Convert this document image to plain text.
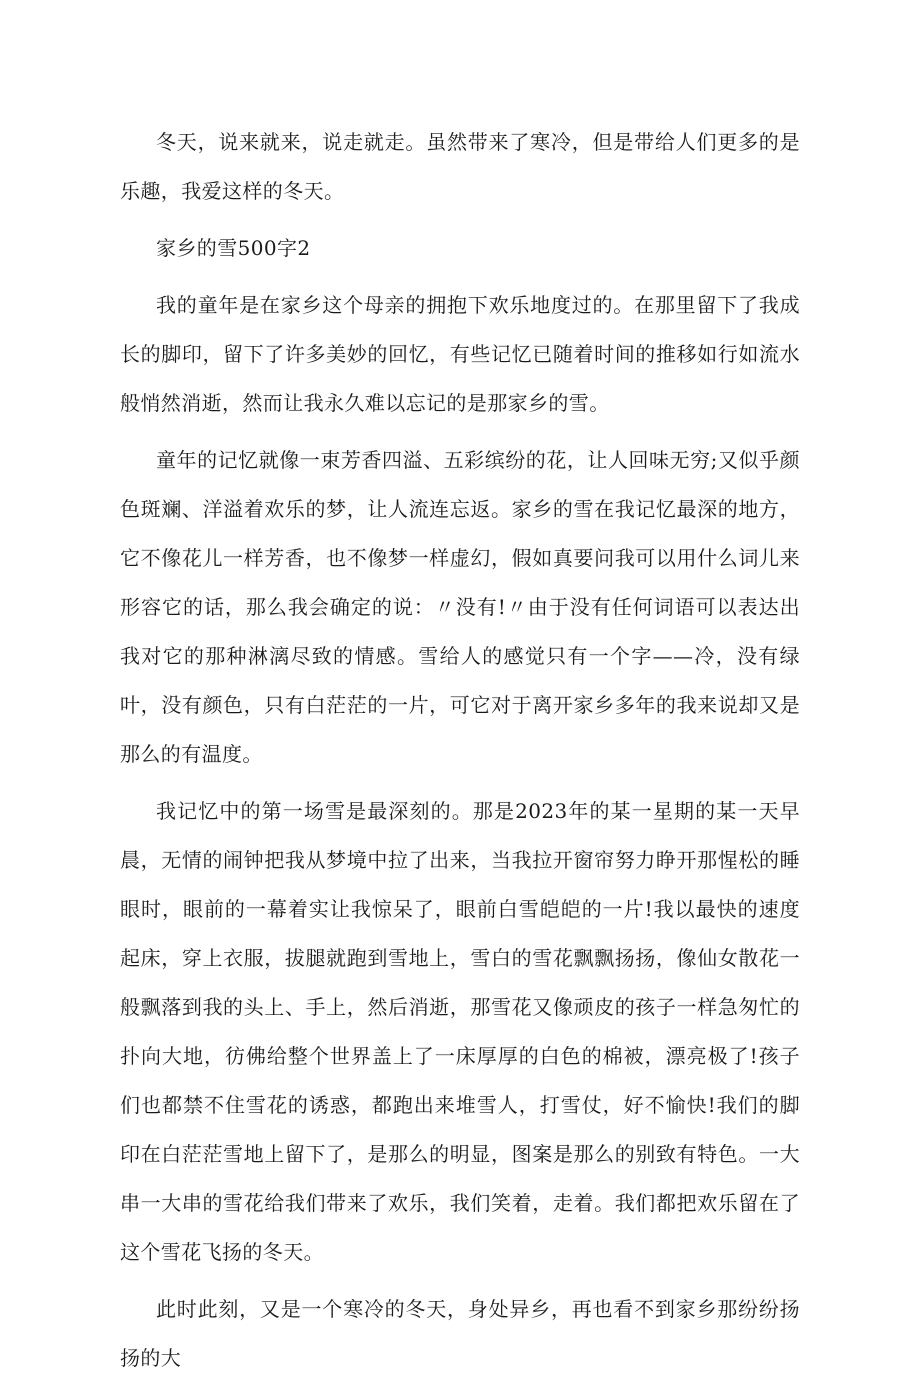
冬天，说来就来，说走就走。虽然带来了寒冷，但是带给人们更多的是乐趣，我爱这样的冬天。

家乡的雪500字2

我的童年是在家乡这个母亲的拥抱下欢乐地度过的。在那里留下了我成长的脚印，留下了许多美妙的回忆，有些记忆已随着时间的推移如行如流水般悄然消逝，然而让我永久难以忘记的是那家乡的雪。

童年的记忆就像一束芳香四溢、五彩缤纷的花，让人回味无穷;又似乎颜色斑斓、洋溢着欢乐的梦，让人流连忘返。家乡的雪在我记忆最深的地方，它不像花儿一样芳香，也不像梦一样虚幻，假如真要问我可以用什么词儿来形容它的话，那么我会确定的说：〃没有!〃由于没有任何词语可以表达出我对它的那种淋漓尽致的情感。雪给人的感觉只有一个字——冷，没有绿叶，没有颜色，只有白茫茫的一片，可它对于离开家乡多年的我来说却又是那么的有温度。

我记忆中的第一场雪是最深刻的。那是2023年的某一星期的某一天早晨，无情的闹钟把我从梦境中拉了出来，当我拉开窗帘努力睁开那惺松的睡眼时，眼前的一幕着实让我惊呆了，眼前白雪皑皑的一片!我以最快的速度起床，穿上衣服，拔腿就跑到雪地上，雪白的雪花飘飘扬扬，像仙女散花一般飘落到我的头上、手上，然后消逝，那雪花又像顽皮的孩子一样急匆忙的扑向大地，彷佛给整个世界盖上了一床厚厚的白色的棉被，漂亮极了!孩子们也都禁不住雪花的诱惑，都跑出来堆雪人，打雪仗，好不愉快!我们的脚印在白茫茫雪地上留下了，是那么的明显，图案是那么的别致有特色。一大串一大串的雪花给我们带来了欢乐，我们笑着，走着。我们都把欢乐留在了这个雪花飞扬的冬天。

此时此刻，又是一个寒冷的冬天，身处异乡，再也看不到家乡那纷纷扬扬的大
